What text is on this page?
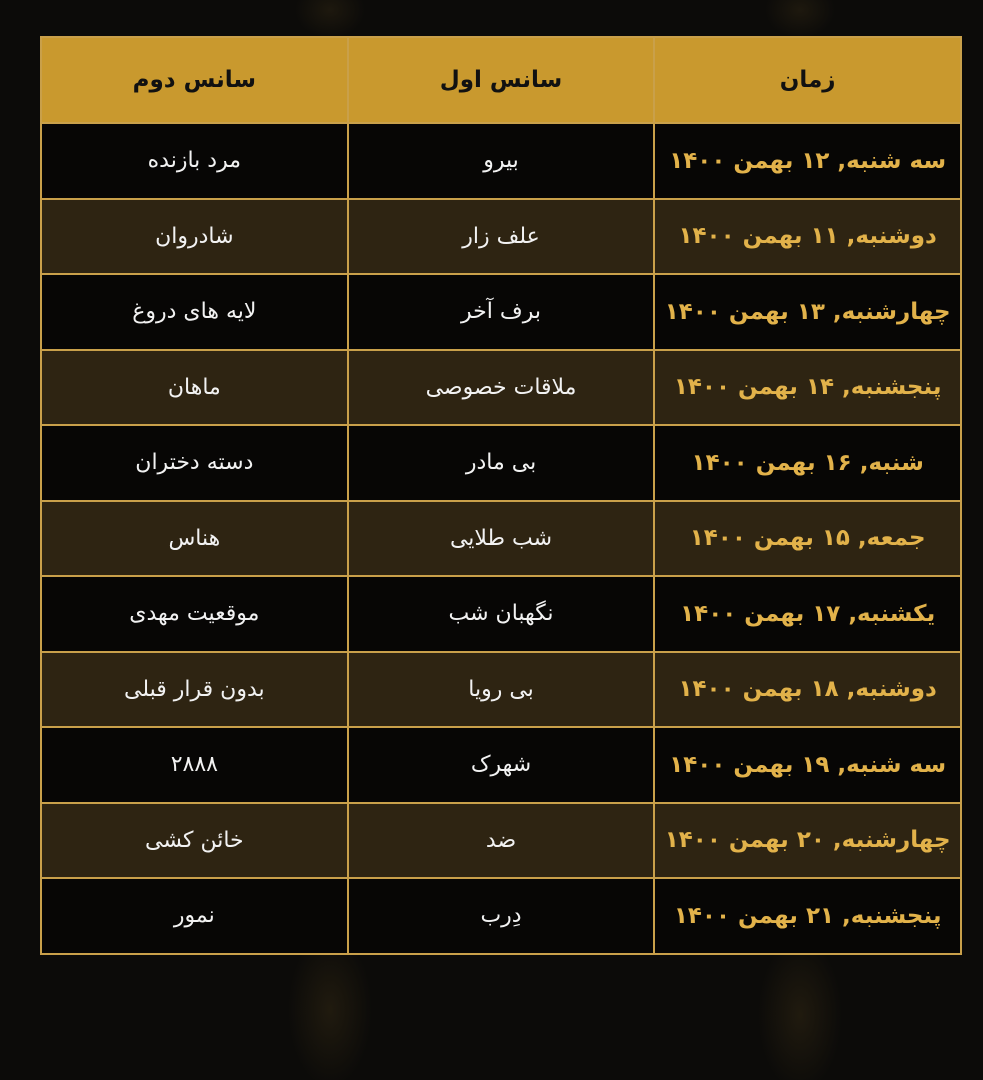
زمان	سانس اول	سانس دوم
سه شنبه, ۱۲ بهمن ۱۴۰۰	بیرو	مرد بازنده
دوشنبه, ۱۱ بهمن ۱۴۰۰	علف زار	شادروان
چهارشنبه, ۱۳ بهمن ۱۴۰۰	برف آخر	لایه های دروغ
پنجشنبه, ۱۴ بهمن ۱۴۰۰	ملاقات خصوصی	ماهان
شنبه, ۱۶ بهمن ۱۴۰۰	بی مادر	دسته دختران
جمعه, ۱۵ بهمن ۱۴۰۰	شب طلایی	هناس
یکشنبه, ۱۷ بهمن ۱۴۰۰	نگهبان شب	موقعیت مهدی
دوشنبه, ۱۸ بهمن ۱۴۰۰	بی رویا	بدون قرار قبلی
سه شنبه, ۱۹ بهمن ۱۴۰۰	شهرک	۲۸۸۸
چهارشنبه, ۲۰ بهمن ۱۴۰۰	ضد	خائن کشی
پنجشنبه, ۲۱ بهمن ۱۴۰۰	دِرب	نمور
